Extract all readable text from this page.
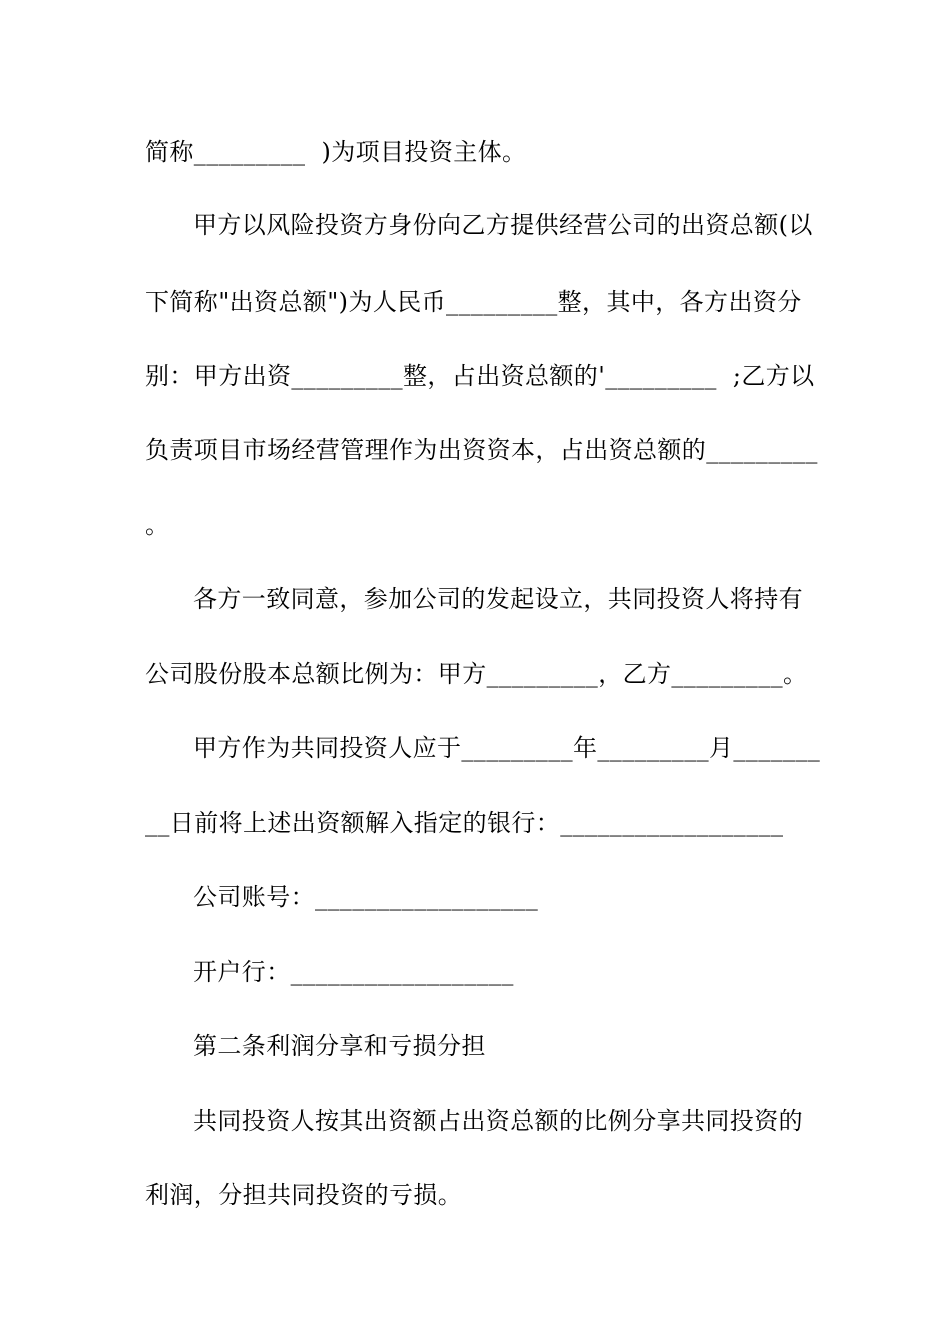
简称_________  )为项目投资主体。
甲方以风险投资方身份向乙方提供经营公司的出资总额(以
下简称"出资总额")为人民币_________整，其中，各方出资分
别：甲方出资_________整，占出资总额的'_________  ;乙方以
负责项目市场经营管理作为出资资本，占出资总额的_________
。
各方一致同意，参加公司的发起设立，共同投资人将持有
公司股份股本总额比例为：甲方_________，乙方_________。
甲方作为共同投资人应于_________年_________月_______
__日前将上述出资额解入指定的银行：__________________
公司账号：__________________
开户行：__________________
第二条利润分享和亏损分担
共同投资人按其出资额占出资总额的比例分享共同投资的
利润，分担共同投资的亏损。
